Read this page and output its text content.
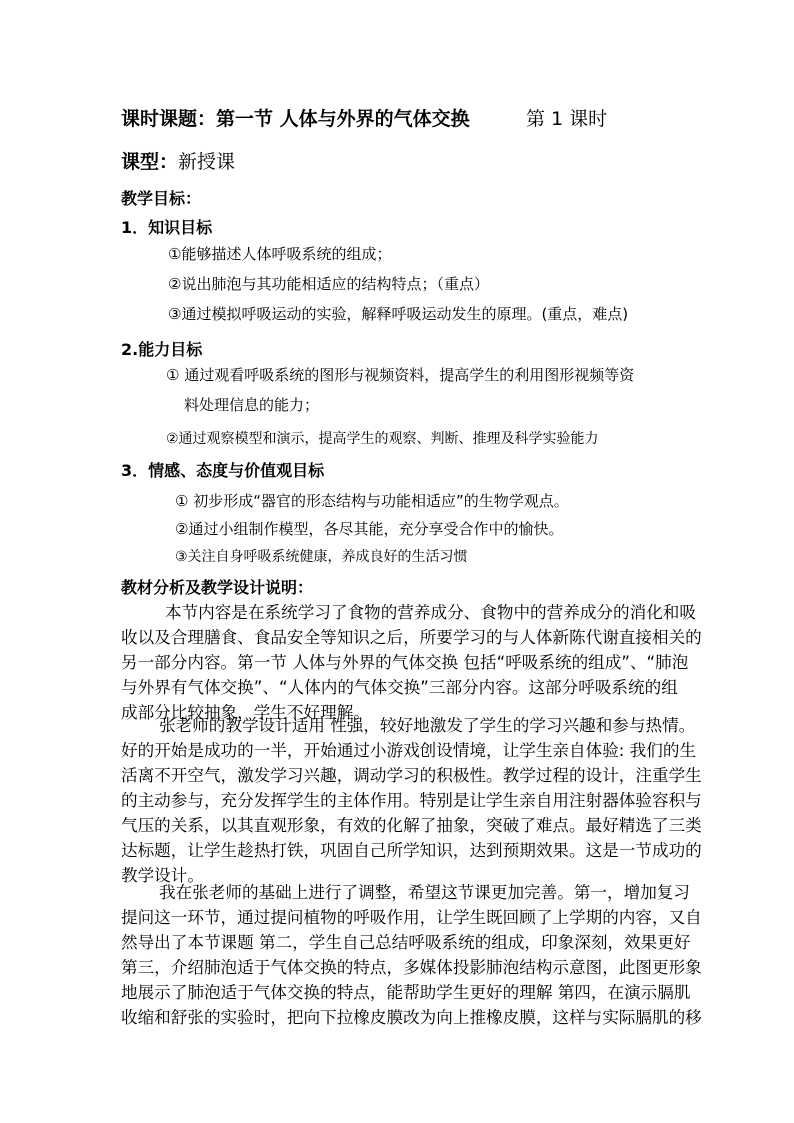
课时课题：第一节 人体与外界的气体交换	第 1 课时
课型：新授课
教学目标：
1．知识目标
①能够描述人体呼吸系统的组成；
②说出肺泡与其功能相适应的结构特点；（重点）
③通过模拟呼吸运动的实验，解释呼吸运动发生的原理。(重点，难点)
2.能力目标
① 通过观看呼吸系统的图形与视频资料，提高学生的利用图形视频等资
料处理信息的能力；
②通过观察模型和演示，提高学生的观察、判断、推理及科学实验能力
3．情感、态度与价值观目标
① 初步形成“器官的形态结构与功能相适应”的生物学观点。
②通过小组制作模型，各尽其能，充分享受合作中的愉快。
③关注自身呼吸系统健康，养成良好的生活习惯
教材分析及教学设计说明：
本节内容是在系统学习了食物的营养成分、食物中的营养成分的消化和吸
收以及合理膳食、食品安全等知识之后，所要学习的与人体新陈代谢直接相关的
另一部分内容。第一节 人体与外界的气体交换 包括“呼吸系统的组成”、“肺泡
与外界有气体交换”、“人体内的气体交换”三部分内容。这部分呼吸系统的组
成部分比较抽象，学生不好理解。
张老师的教学设计适用 性强，较好地激发了学生的学习兴趣和参与热情。
好的开始是成功的一半，开始通过小游戏创设情境，让学生亲自体验: 我们的生
活离不开空气，激发学习兴趣，调动学习的积极性。教学过程的设计，注重学生
的主动参与，充分发挥学生的主体作用。特别是让学生亲自用注射器体验容积与
气压的关系，以其直观形象，有效的化解了抽象，突破了难点。最好精选了三类
达标题，让学生趁热打铁，巩固自己所学知识，达到预期效果。这是一节成功的
教学设计。
我在张老师的基础上进行了调整，希望这节课更加完善。第一，增加复习
提问这一环节，通过提问植物的呼吸作用，让学生既回顾了上学期的内容，又自
然导出了本节课题 第二，学生自己总结呼吸系统的组成，印象深刻，效果更好
第三，介绍肺泡适于气体交换的特点，多媒体投影肺泡结构示意图，此图更形象
地展示了肺泡适于气体交换的特点，能帮助学生更好的理解 第四，在演示膈肌
收缩和舒张的实验时，把向下拉橡皮膜改为向上推橡皮膜，这样与实际膈肌的移
